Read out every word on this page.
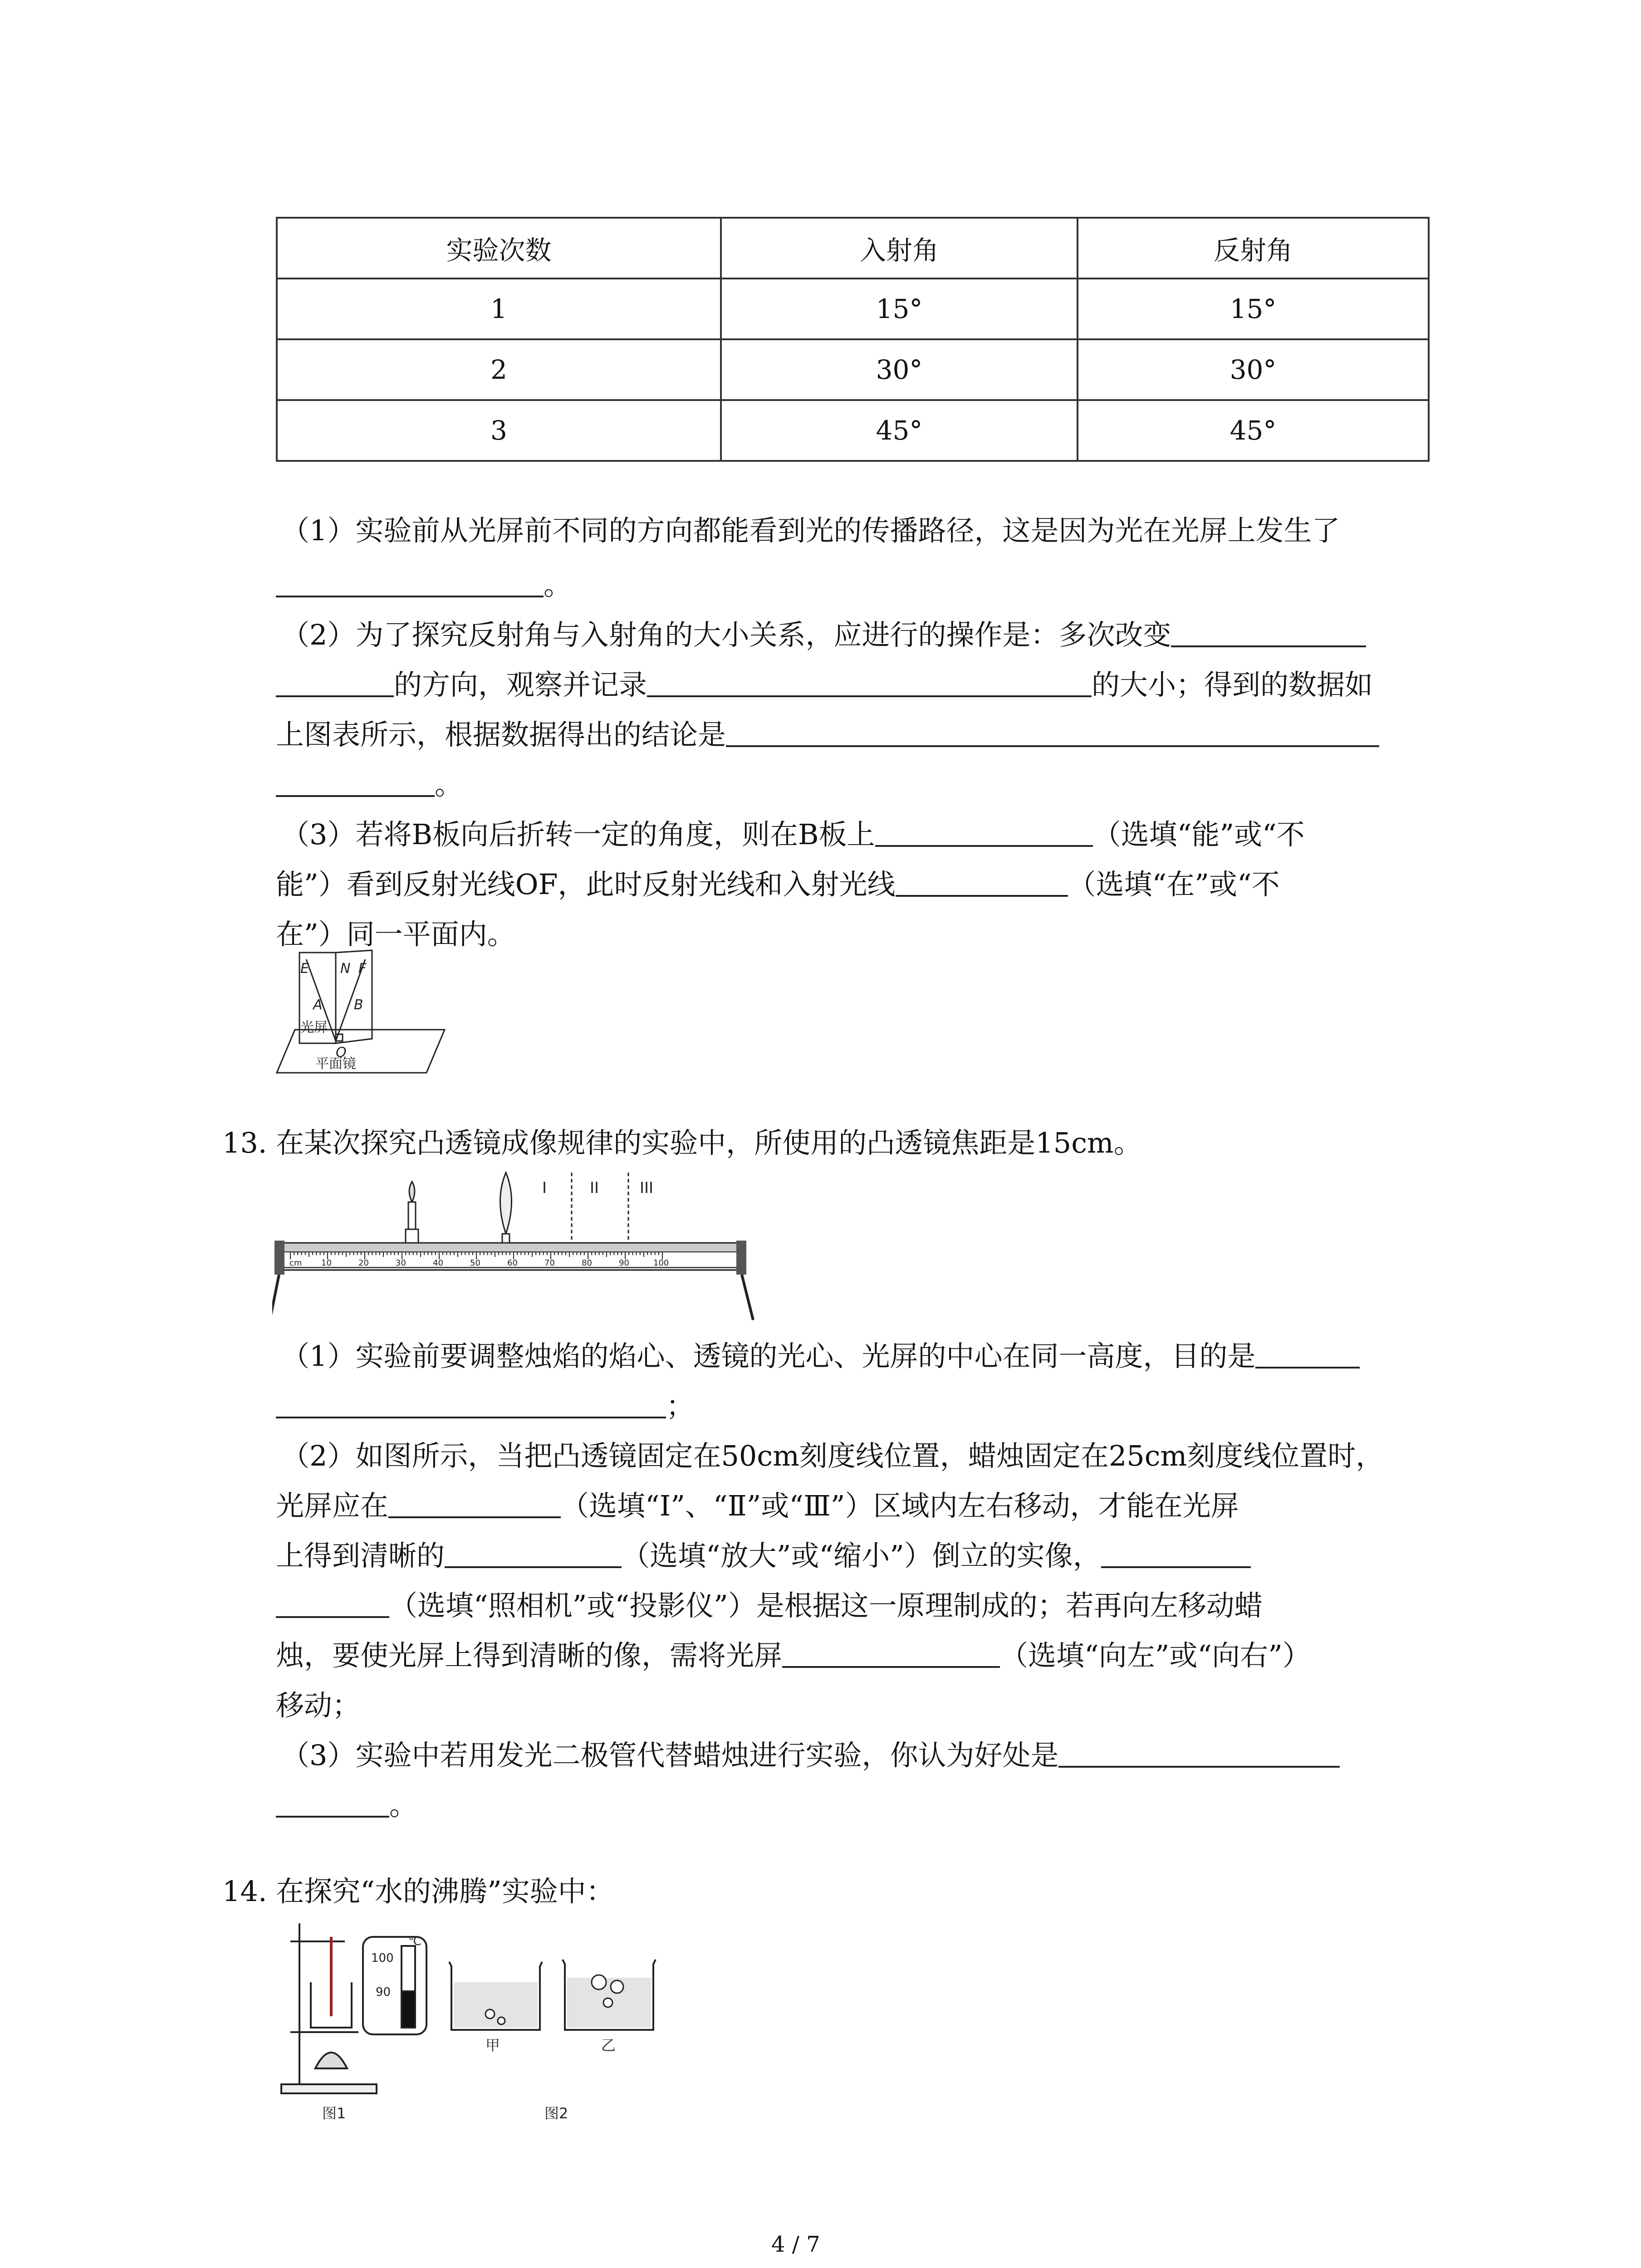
实验次数	入射角	反射角
1	15°	15°
2	30°	30°
3	45°	45°
（1）实验前从光屏前不同的方向都能看到光的传播路径，这是因为光在光屏上发生了
。
（2）为了探究反射角与入射角的大小关系，应进行的操作是：多次改变
的方向，观察并记录	的大小；得到的数据如
上图表所示，根据数据得出的结论是
。
（3）若将B板向后折转一定的角度，则在B板上	（选填“能”或“不
能”）看到反射光线OF，此时反射光线和入射光线	（选填“在”或“不
在”）同一平面内。
E N F
A B
O
光屏
平面镜
13. 在某次探究凸透镜成像规律的实验中，所使用的凸透镜焦距是15cm。
I	II	III
cm 10	20	30	40	50	60	70	80	90	100
（1）实验前要调整烛焰的焰心、透镜的光心、光屏的中心在同一高度，目的是
；
（2）如图所示，当把凸透镜固定在50cm刻度线位置，蜡烛固定在25cm刻度线位置时，
光屏应在	（选填“Ⅰ”、“Ⅱ”或“Ⅲ”）区域内左右移动，才能在光屏
上得到清晰的	（选填“放大”或“缩小”）倒立的实像，
（选填“照相机”或“投影仪”）是根据这一原理制成的；若再向左移动蜡
烛，要使光屏上得到清晰的像，需将光屏	（选填“向左”或“向右”）
移动；
（3）实验中若用发光二极管代替蜡烛进行实验，你认为好处是
。
14. 在探究“水的沸腾”实验中：
℃
100
90
甲	乙
图1	图2
4 / 7
